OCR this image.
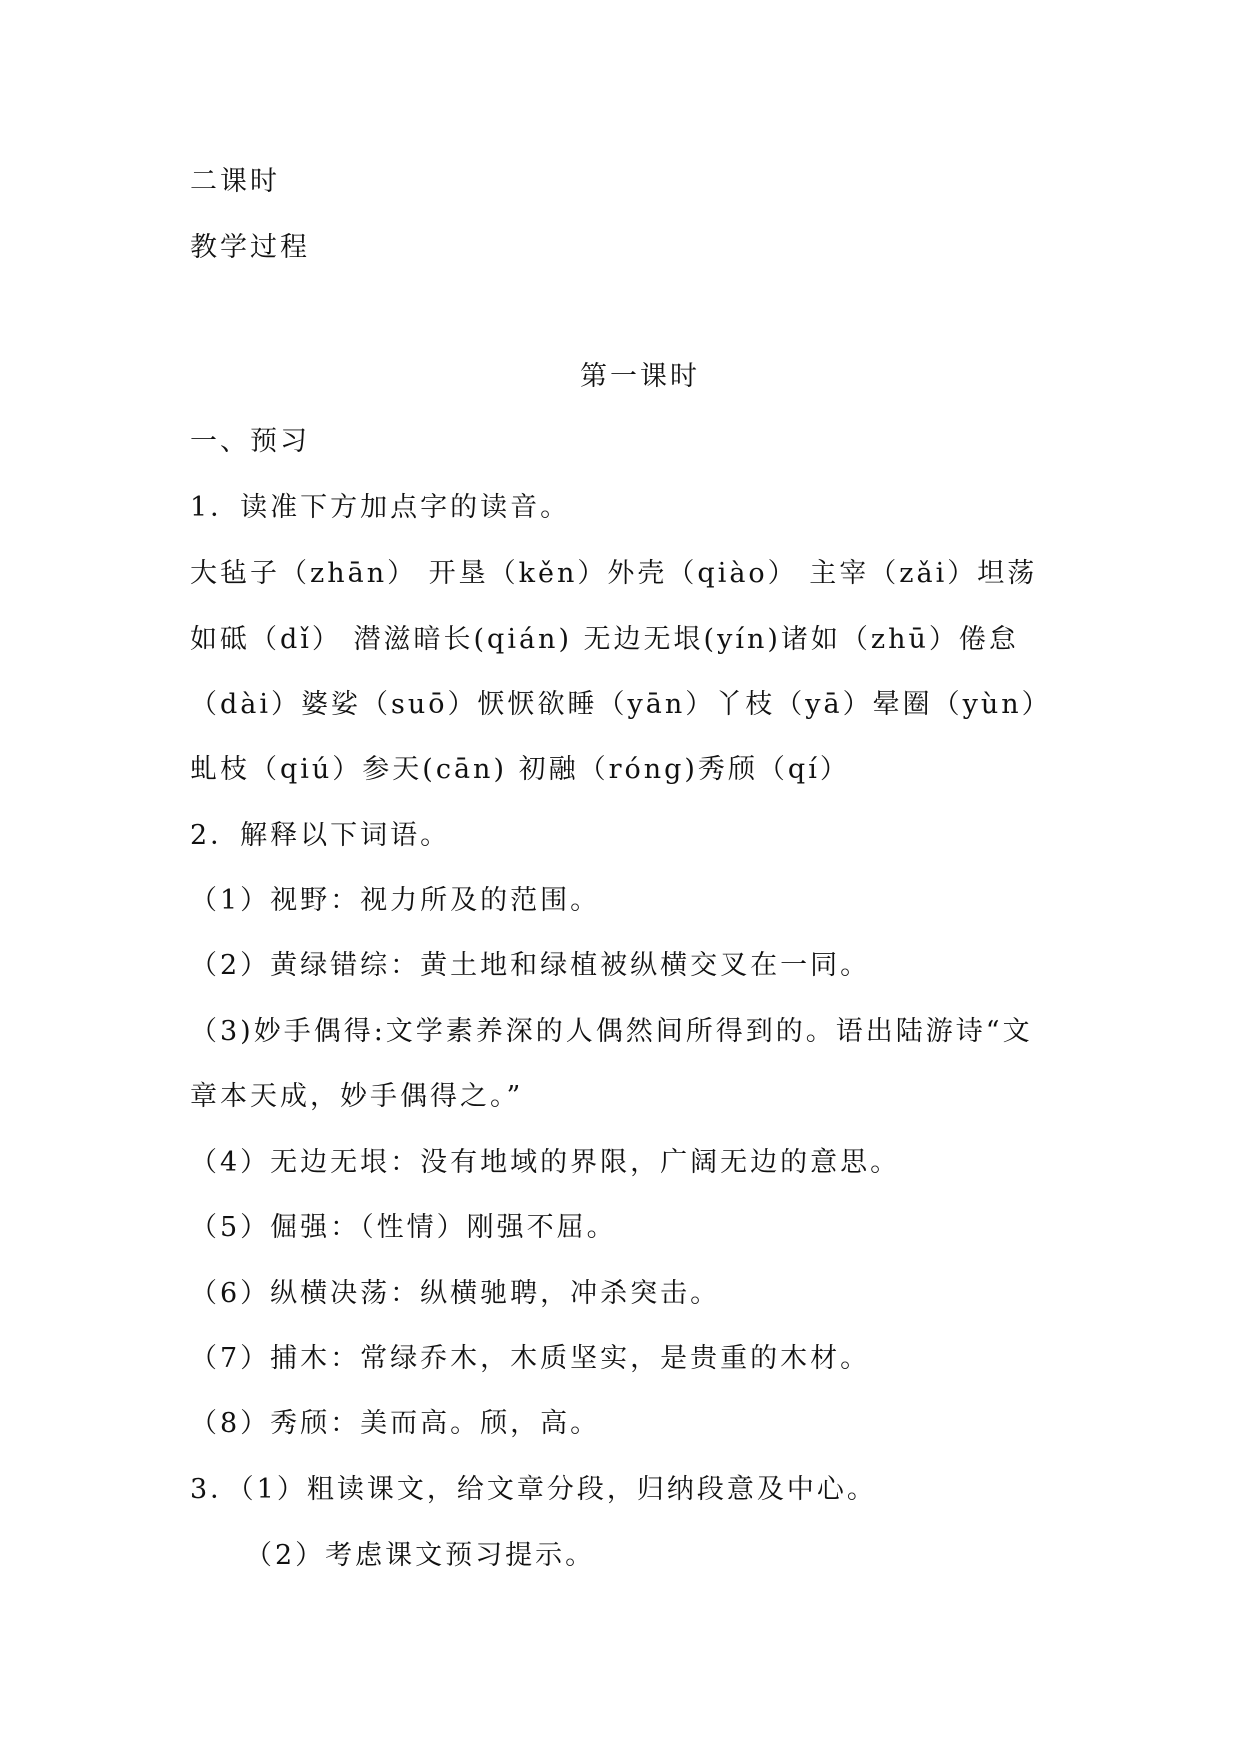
二课时
教学过程
第一课时
一、预习
1．读准下方加点字的读音。
大毡子（zhān） 开垦（kěn）外壳（qiào） 主宰（zǎi）坦荡
如砥（dǐ） 潜滋暗长(qián) 无边无垠(yín)诸如（zhū）倦怠
（dài）婆娑（suō）恹恹欲睡（yān）丫枝（yā）晕圈（yùn）
虬枝（qiú）参天(cān) 初融（róng)秀颀（qí）
2．解释以下词语。
（1）视野：视力所及的范围。
（2）黄绿错综：黄土地和绿植被纵横交叉在一同。
（3)妙手偶得:文学素养深的人偶然间所得到的。语出陆游诗“文
章本天成，妙手偶得之。”
（4）无边无垠：没有地域的界限，广阔无边的意思。
（5）倔强：（性情）刚强不屈。
（6）纵横决荡：纵横驰聘，冲杀突击。
（7）捕木：常绿乔木，木质坚实，是贵重的木材。
（8）秀颀：美而高。颀，高。
3．（1）粗读课文，给文章分段，归纳段意及中心。
（2）考虑课文预习提示。
